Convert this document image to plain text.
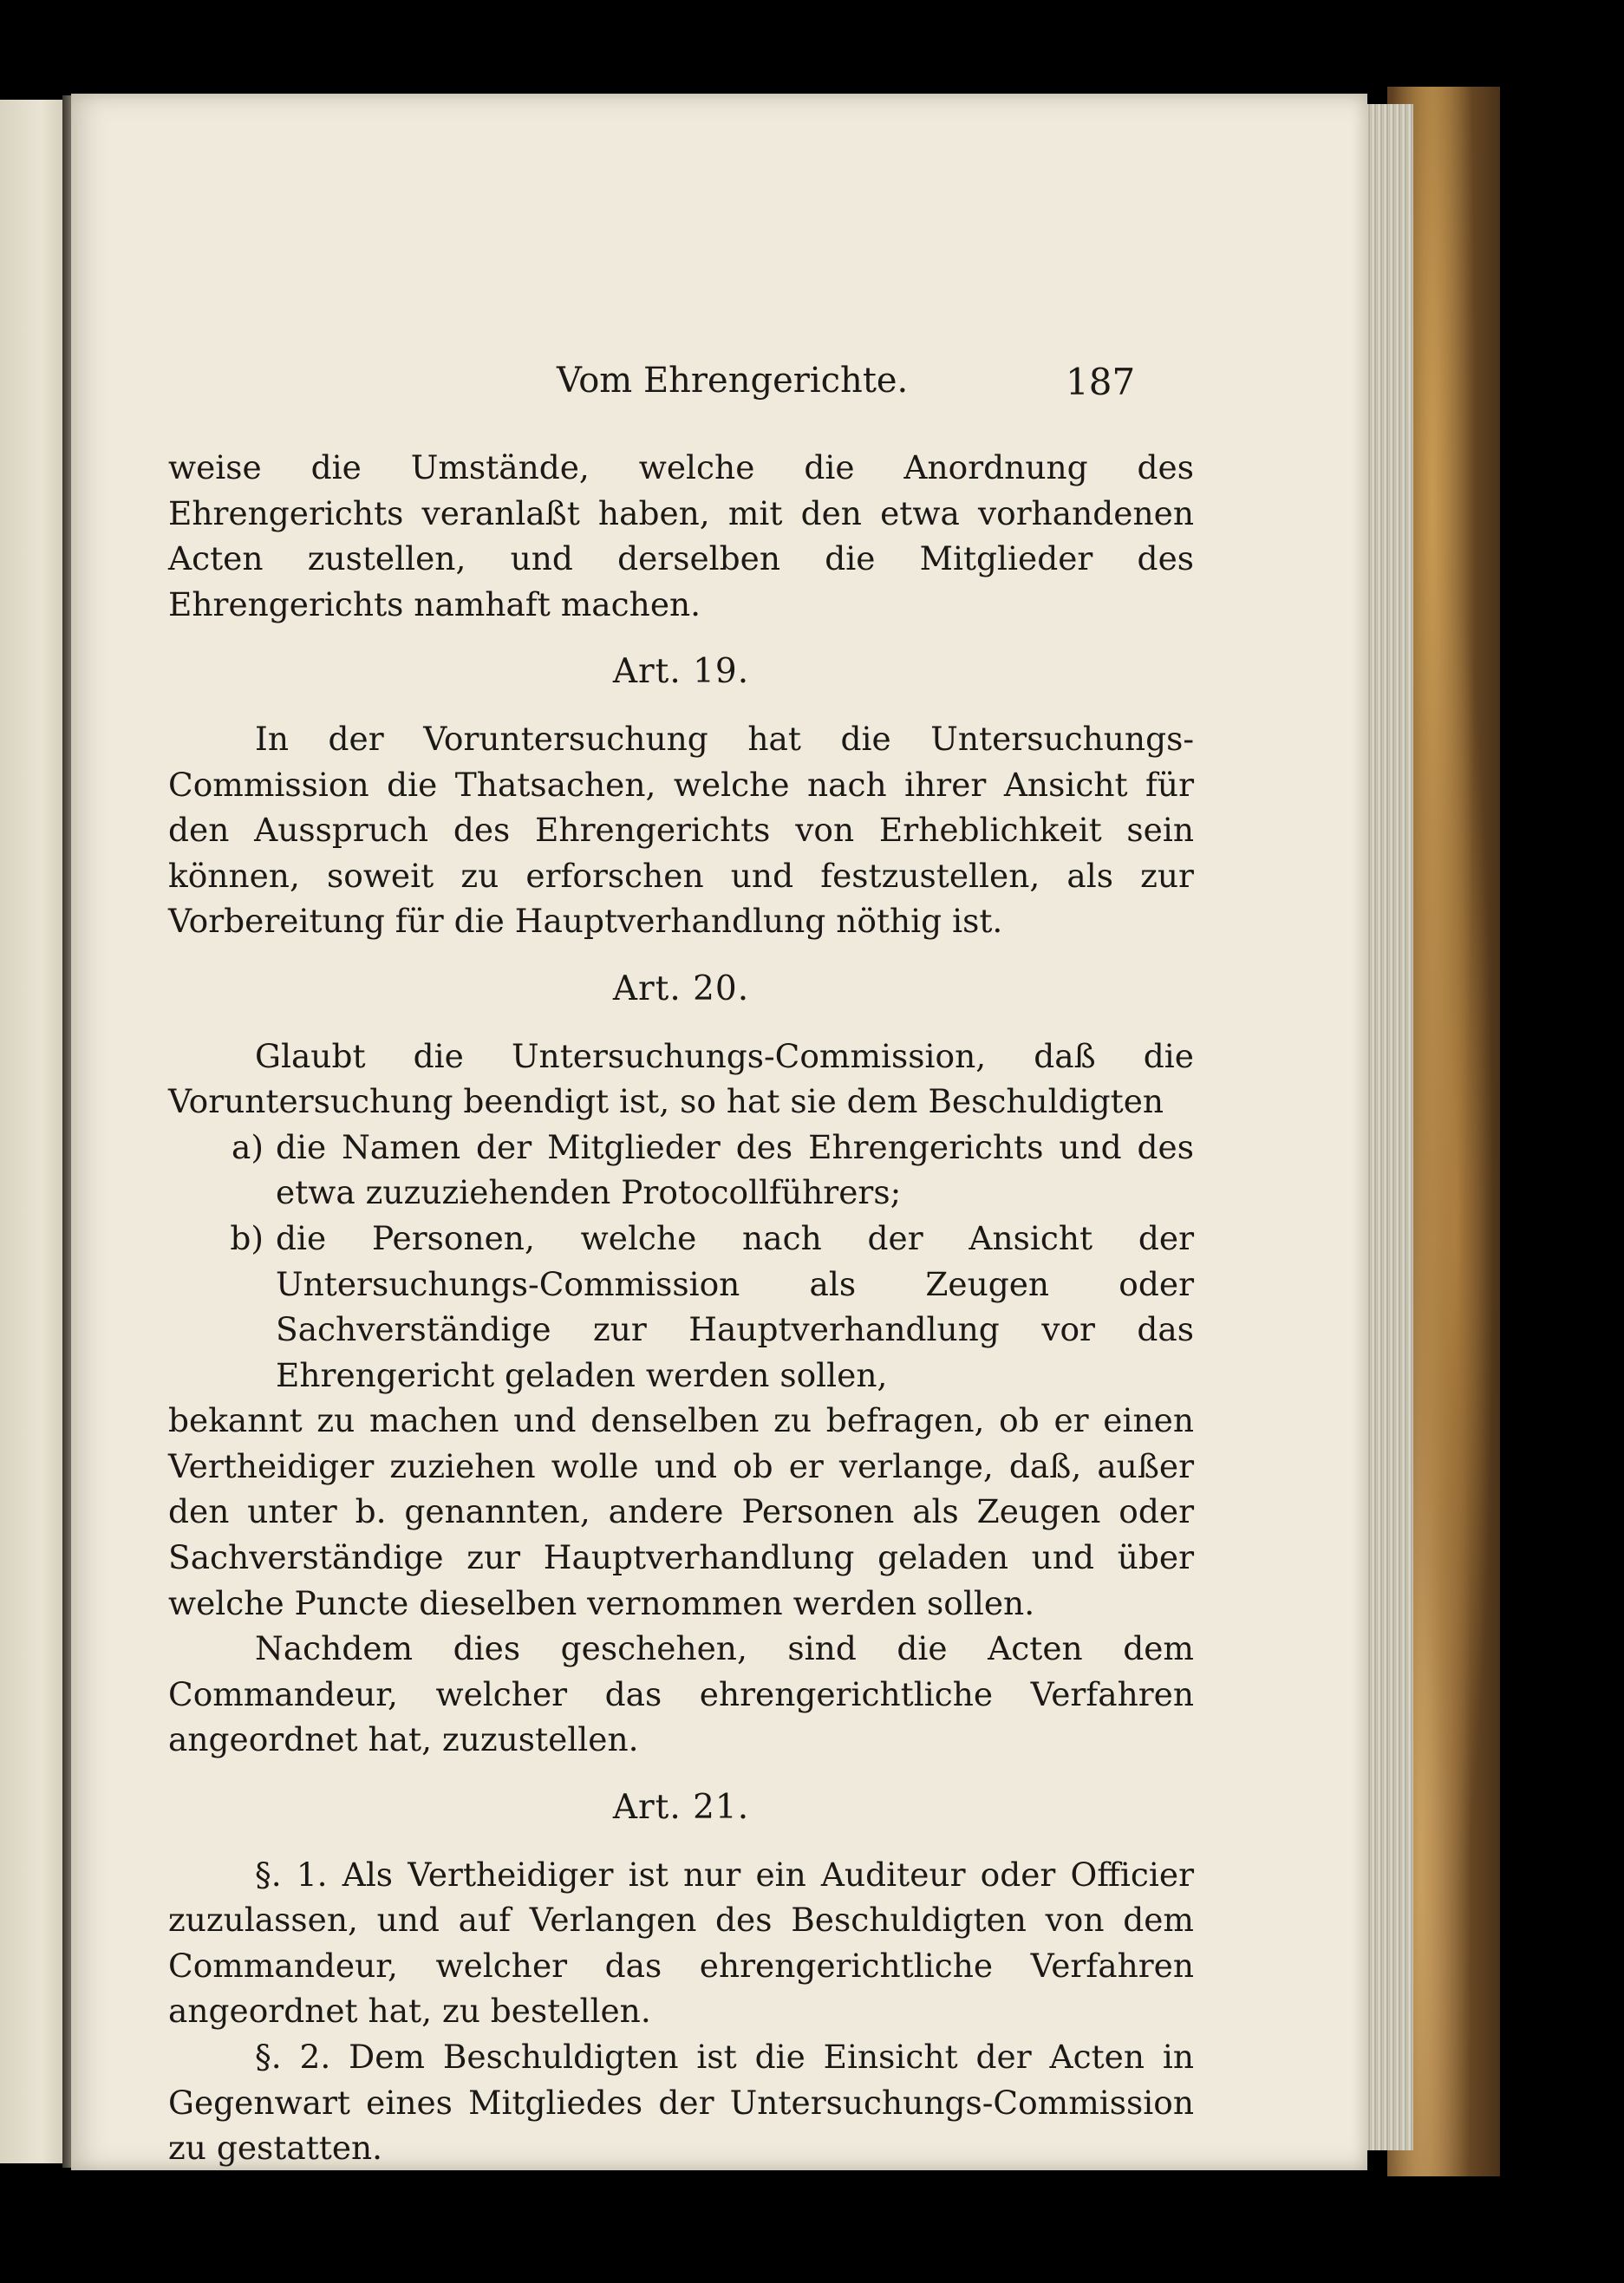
Vom Ehrengerichte.	187

weise die Umstände, welche die Anordnung des Ehrengerichts veranlaßt haben, mit den etwa vorhandenen Acten zustellen, und derselben die Mitglieder des Ehrengerichts namhaft machen.

Art. 19.

In der Voruntersuchung hat die Untersuchungs-Commission die Thatsachen, welche nach ihrer Ansicht für den Ausspruch des Ehrengerichts von Erheblichkeit sein können, soweit zu erforschen und festzustellen, als zur Vorbereitung für die Hauptverhandlung nöthig ist.

Art. 20.

Glaubt die Untersuchungs-Commission, daß die Voruntersuchung beendigt ist, so hat sie dem Beschuldigten

a) die Namen der Mitglieder des Ehrengerichts und des etwa zuzuziehenden Protocollführers;
b) die Personen, welche nach der Ansicht der Untersuchungs-Commission als Zeugen oder Sachverständige zur Hauptverhandlung vor das Ehrengericht geladen werden sollen,

bekannt zu machen und denselben zu befragen, ob er einen Vertheidiger zuziehen wolle und ob er verlange, daß, außer den unter b. genannten, andere Personen als Zeugen oder Sachverständige zur Hauptverhandlung geladen und über welche Puncte dieselben vernommen werden sollen.

Nachdem dies geschehen, sind die Acten dem Commandeur, welcher das ehrengerichtliche Verfahren angeordnet hat, zuzustellen.

Art. 21.

§. 1. Als Vertheidiger ist nur ein Auditeur oder Officier zuzulassen, und auf Verlangen des Beschuldigten von dem Commandeur, welcher das ehrengerichtliche Verfahren angeordnet hat, zu bestellen.

§. 2. Dem Beschuldigten ist die Einsicht der Acten in Gegenwart eines Mitgliedes der Untersuchungs-Commission zu gestatten.
